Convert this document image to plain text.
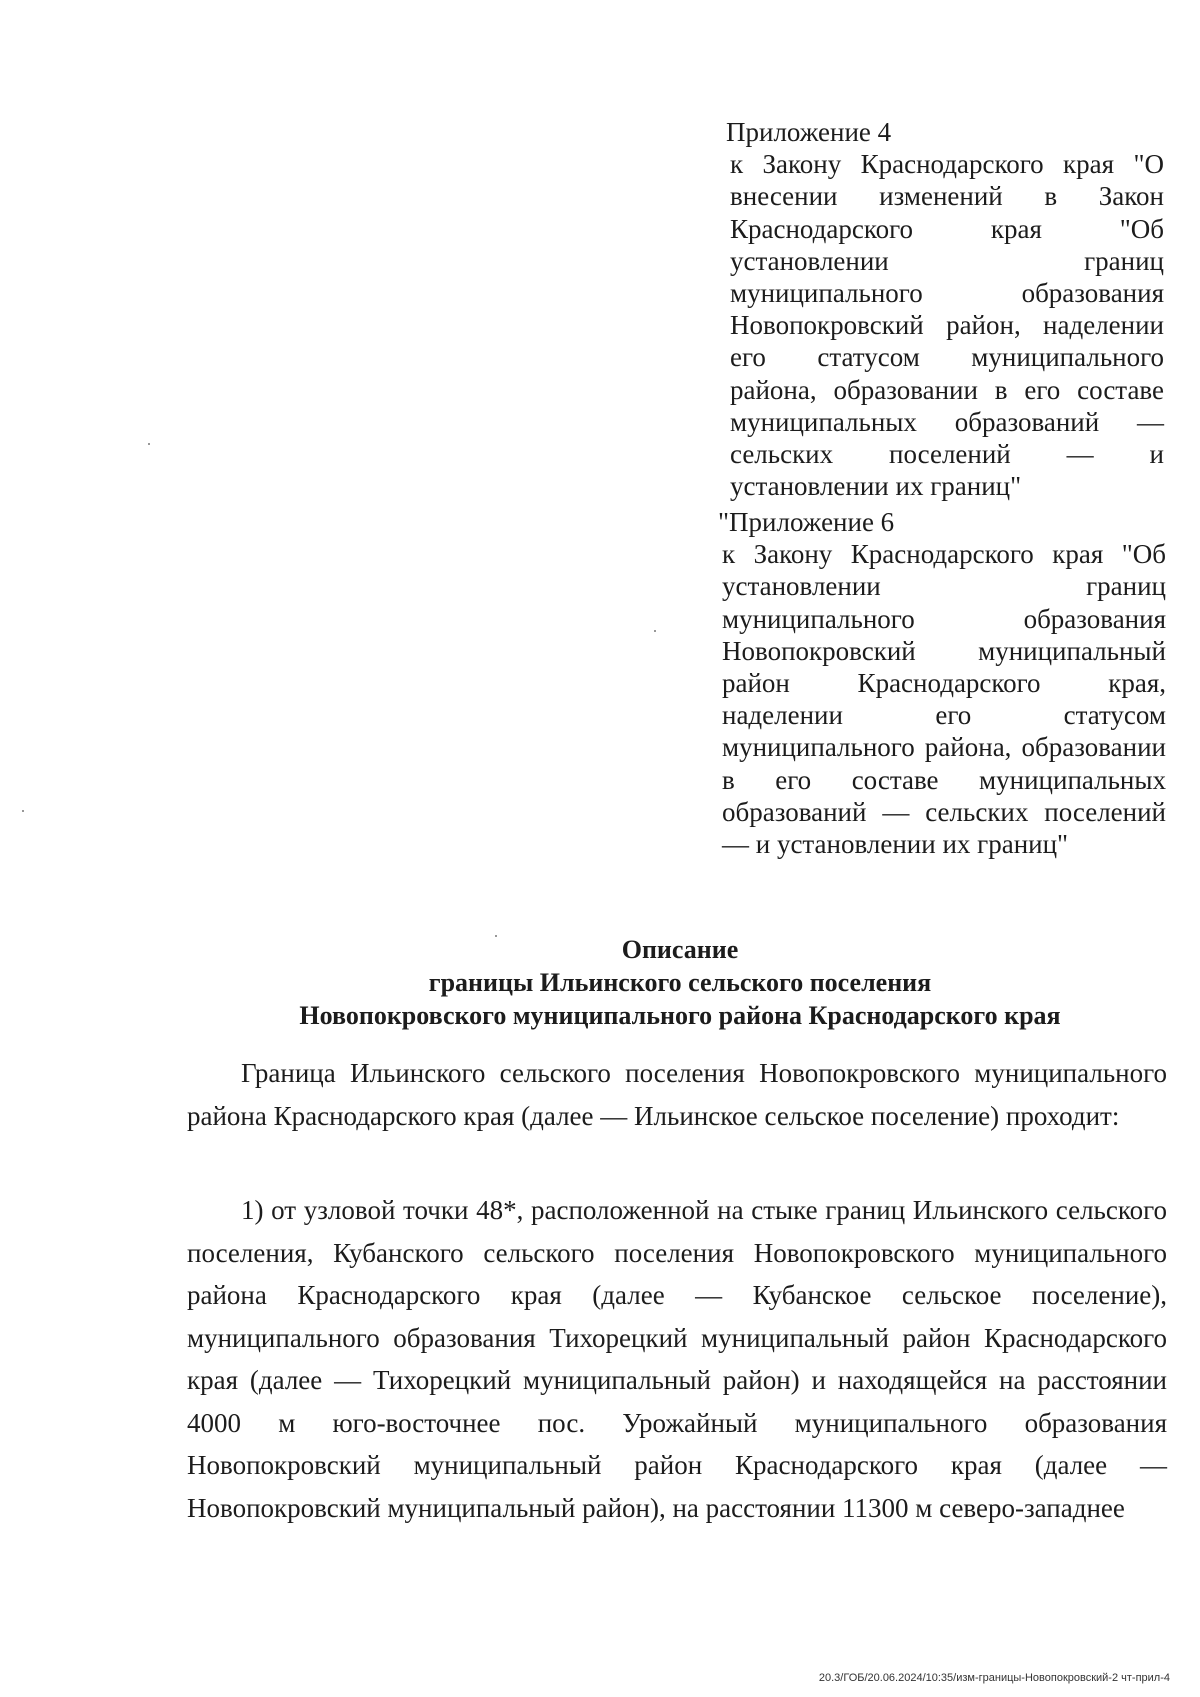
Приложение 4
к Закону Краснодарского края "О внесении изменений в Закон Краснодарского края "Об установлении границ муниципального образования Новопокровский район, наделении его статусом муниципального района, образовании в его составе муниципальных образований — сельских поселений — и установлении их границ"
"Приложение 6
к Закону Краснодарского края "Об установлении границ муниципального образования Новопокровский муниципальный район Краснодарского края, наделении его статусом муниципального района, образовании в его составе муниципальных образований — сельских поселений — и установлении их границ"
Описание
границы Ильинского сельского поселения
Новопокровского муниципального района Краснодарского края

Граница Ильинского сельского поселения Новопокровского муниципального района Краснодарского края (далее — Ильинское сельское поселение) проходит:

1) от узловой точки 48*, расположенной на стыке границ Ильинского сельского поселения, Кубанского сельского поселения Новопокровского муниципального района Краснодарского края (далее — Кубанское сельское поселение), муниципального образования Тихорецкий муниципальный район Краснодарского края (далее — Тихорецкий муниципальный район) и находящейся на расстоянии 4000 м юго-восточнее пос. Урожайный муниципального образования Новопокровский муниципальный район Краснодарского края (далее — Новопокровский муниципальный район), на расстоянии 11300 м северо-западнее

20.3/ГОБ/20.06.2024/10:35/изм-границы-Новопокровский-2 чт-прил-4
